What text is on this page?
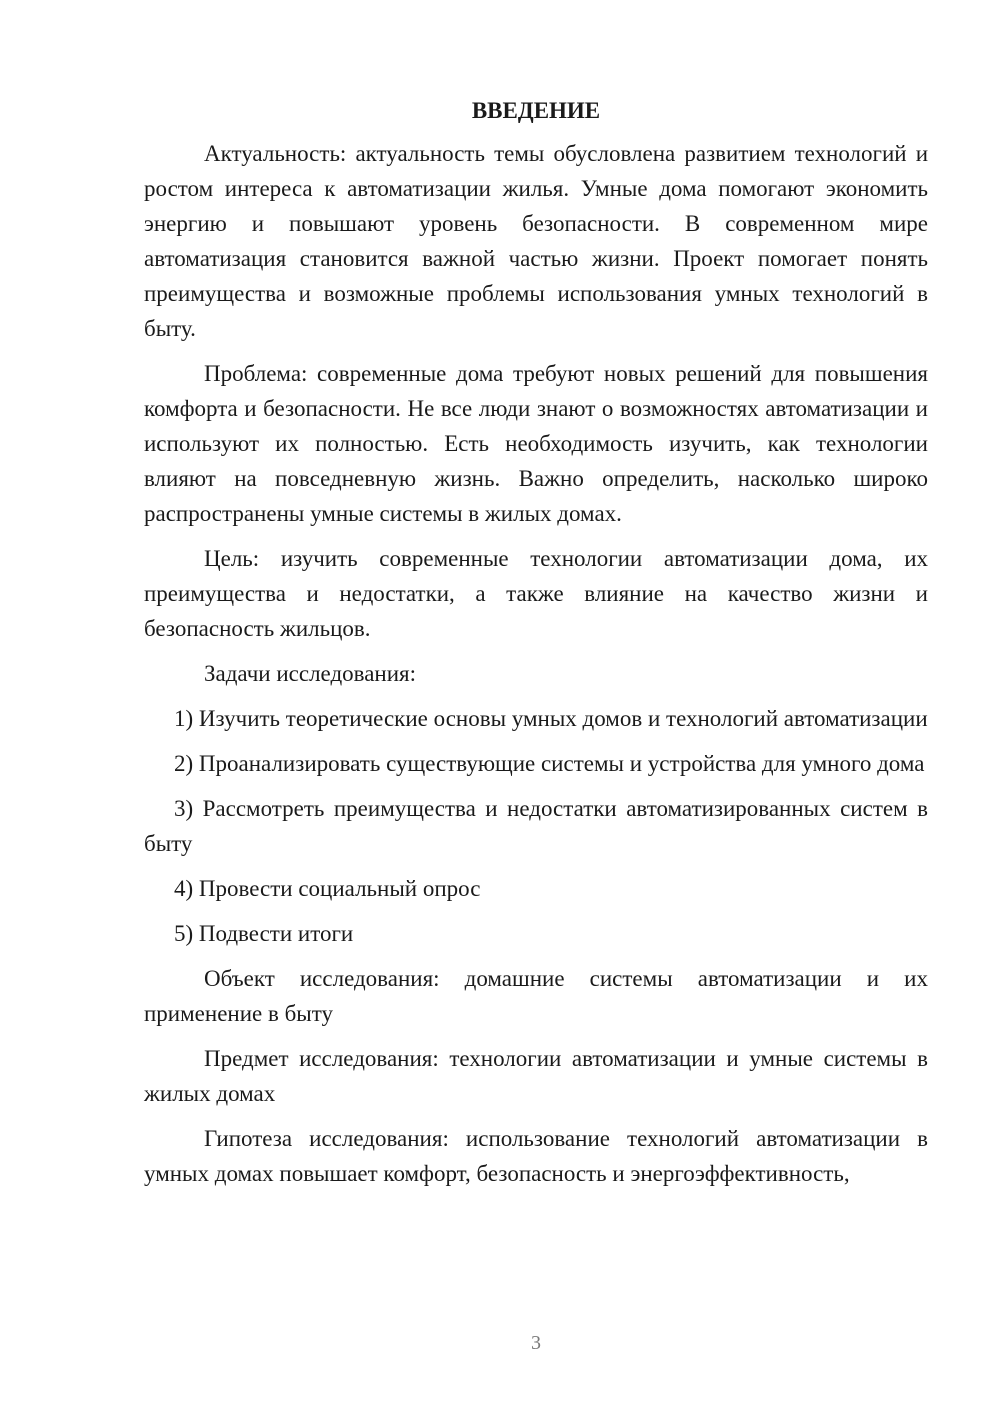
ВВЕДЕНИЕ

Актуальность: актуальность темы обусловлена развитием технологий и ростом интереса к автоматизации жилья. Умные дома помогают экономить энергию и повышают уровень безопасности. В современном мире автоматизация становится важной частью жизни. Проект помогает понять преимущества и возможные проблемы использования умных технологий в быту.

Проблема: современные дома требуют новых решений для повышения комфорта и безопасности. Не все люди знают о возможностях автоматизации и используют их полностью. Есть необходимость изучить, как технологии влияют на повседневную жизнь. Важно определить, насколько широко распространены умные системы в жилых домах.

Цель: изучить современные технологии автоматизации дома, их преимущества и недостатки, а также влияние на качество жизни и безопасность жильцов.

Задачи исследования:

1) Изучить теоретические основы умных домов и технологий автоматизации

2) Проанализировать существующие системы и устройства для умного дома

3) Рассмотреть преимущества и недостатки автоматизированных систем в быту

4) Провести социальный опрос

5) Подвести итоги

Объект исследования: домашние системы автоматизации и их применение в быту

Предмет исследования: технологии автоматизации и умные системы в жилых домах

Гипотеза исследования: использование технологий автоматизации в умных домах повышает комфорт, безопасность и энергоэффективность,

3
